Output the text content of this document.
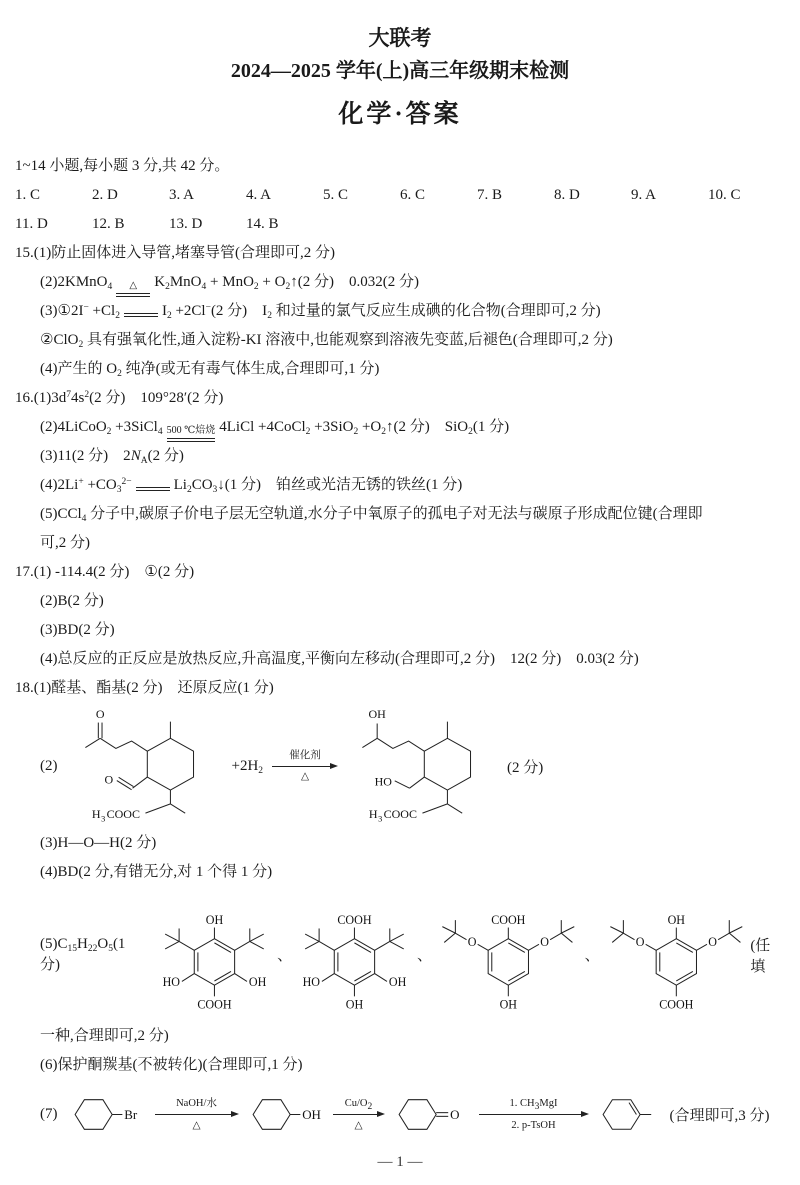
大联考
2024—2025 学年(上)高三年级期末检测
化学·答案
1~14 小题,每小题 3 分,共 42 分。
1. C	2. D	3. A	4. A	5. C	6. C	7. B	8. D	9. A	10. C
11. D	12. B	13. D	14. B
15.(1)防止固体进入导管,堵塞导管(合理即可,2 分)
(2)2KMnO$_4$ △ $K_2MnO_4 + MnO_2$ + $O_2↑(2$ 分)　0.032(2 分)
(3)①2I− $+Cl_2$	$I_2 +2Cl^-(2$ 分)　$I_2$ 和过量的氯气反应生成碘的化合物(合理即可,2 分)
②ClO$_2$ 具有强氧化性,通入淀粉-KI 溶液中,也能观察到溶液先变蓝,后褪色(合理即可,2 分)
(4)产生的 $O_2$ 纯净(或无有毒气体生成,合理即可,1 分)
$16.(1)3d^74s^2(2$ 分)　109°28′(2 分)
(2)4LiCoO$_2$ +3SiCl$_4$ 500 ℃焙烧 4LiCl +4CoCl$_2$ $+3SiO_2 +O_2↑(2$ 分)　SiO$_2$(1 分)
(3)11(2 分)　$2N_A(2$ 分)
$(4)2Li^+ +CO_3^{2-}$	$Li_2CO_3↓(1$ 分)　铂丝或光洁无锈的铁丝(1 分)
(5)CCl$_4$ 分子中,碳原子价电子层无空轨道,水分子中氧原子的孤电子对无法与碳原子形成配位键(合理即
可,2 分)
17.(1) -114.4(2 分)　①(2 分)
(2)B(2 分)
(3)BD(2 分)
(4)总反应的正反应是放热反应,升高温度,平衡向左移动(合理即可,2 分)　12(2 分)　0.03(2 分)
18.(1)醛基、酯基(2 分)　还原反应(1 分)
(2)
O
O
H 3 COOC
$+2H_2$
催化剂
△
OH
HO
H 3 COOC
(2 分)
(3)H—O—H(2 分)
(4)BD(2 分,有错无分,对 1 个得 1 分)
$(5)C_{15}H_{22}O_5(1$ 分)
OH
HO	OH
COOH
、
COOH
HO	OH
OH
、
COOH
O	O
OH
、
OH
O	O
COOH
(任填
一种,合理即可,2 分)
(6)保护酮羰基(不被转化)(合理即可,1 分)
(7)	Br
NaOH/水
△
OH
$Cu/O_2$
△
O
1. $CH_3MgI$
2. p-TsOH
(合理即可,3 分)
— 1 —
